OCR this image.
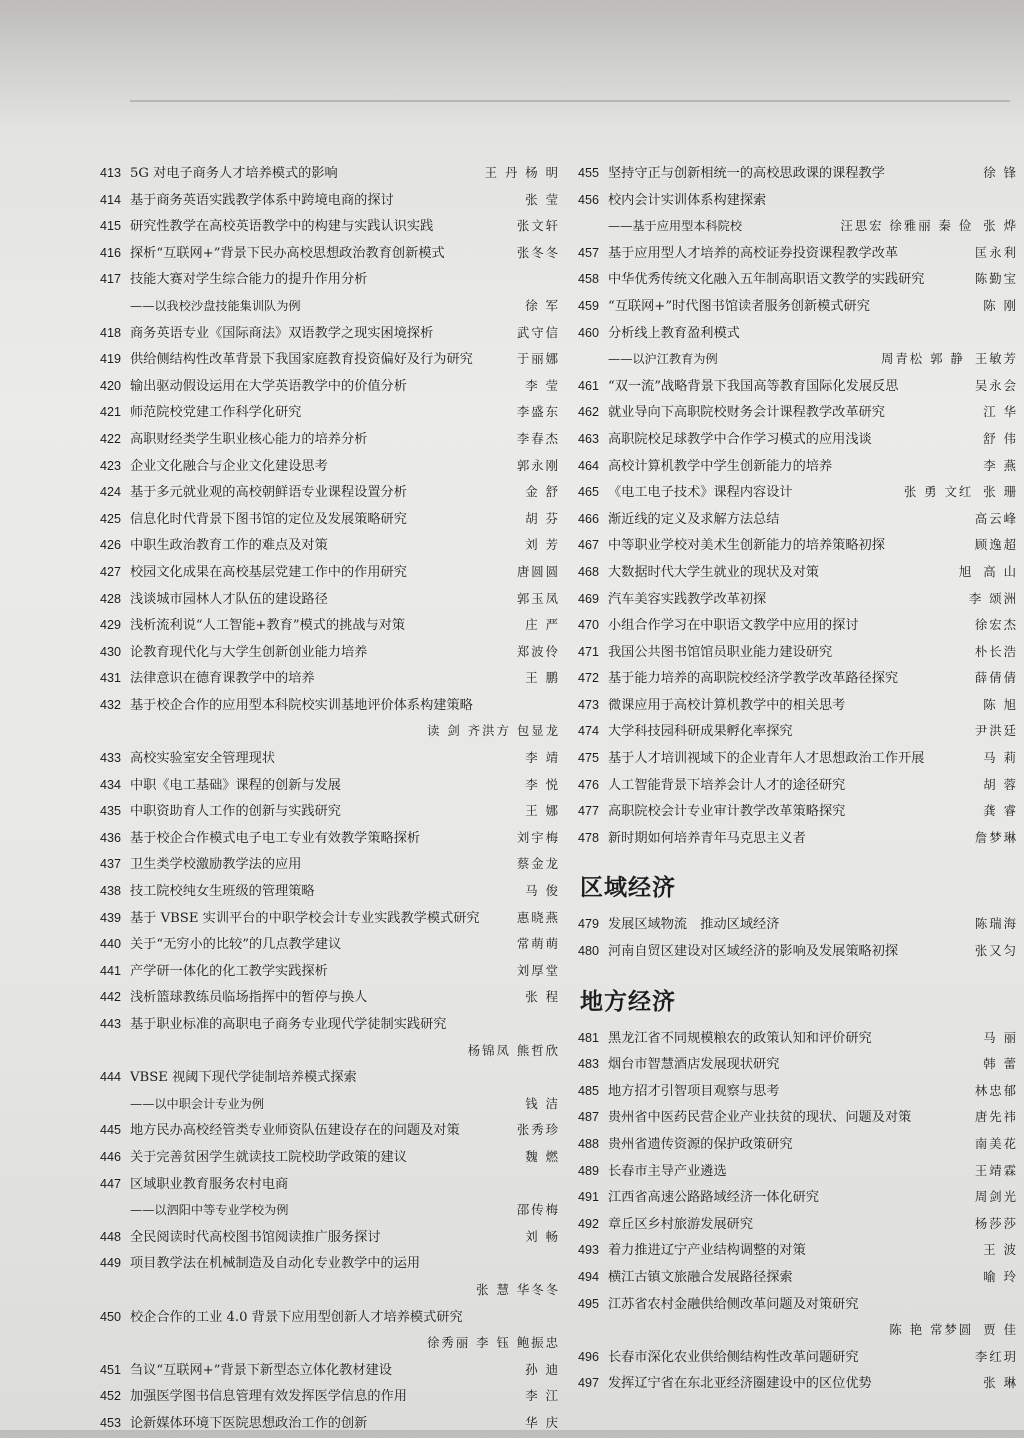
413 5G 对电子商务人才培养模式的影响	王 丹 杨 明
414 基于商务英语实践教学体系中跨境电商的探讨	张 莹
415 研究性教学在高校英语教学中的构建与实践认识实践	张文轩
416 探析“互联网+”背景下民办高校思想政治教育创新模式	张冬冬
417 技能大赛对学生综合能力的提升作用分析
——以我校沙盘技能集训队为例	徐 军
418 商务英语专业《国际商法》双语教学之现实困境探析	武守信
419 供给侧结构性改革背景下我国家庭教育投资偏好及行为研究	于丽娜
420 输出驱动假设运用在大学英语教学中的价值分析	李 莹
421 师范院校党建工作科学化研究	李盛东
422 高职财经类学生职业核心能力的培养分析	李春杰
423 企业文化融合与企业文化建设思考	郭永刚
424 基于多元就业观的高校朝鲜语专业课程设置分析	金 舒
425 信息化时代背景下图书馆的定位及发展策略研究	胡 芬
426 中职生政治教育工作的难点及对策	刘 芳
427 校园文化成果在高校基层党建工作中的作用研究	唐圆圆
428 浅谈城市园林人才队伍的建设路径	郭玉凤
429 浅析流利说“人工智能+教育”模式的挑战与对策	庄 严
430 论教育现代化与大学生创新创业能力培养	郑波伶
431 法律意识在德育课教学中的培养	王 鹏
432 基于校企合作的应用型本科院校实训基地评价体系构建策略
读 剑 齐洪方 包显龙
433 高校实验室安全管理现状	李 靖
434 中职《电工基础》课程的创新与发展	李 悦
435 中职资助育人工作的创新与实践研究	王 娜
436 基于校企合作模式电子电工专业有效教学策略探析	刘宇梅
437 卫生类学校激励教学法的应用	蔡金龙
438 技工院校纯女生班级的管理策略	马 俊
439 基于 VBSE 实训平台的中职学校会计专业实践教学模式研究	惠晓燕
440 关于“无穷小的比较”的几点教学建议	常萌萌
441 产学研一体化的化工教学实践探析	刘厚堂
442 浅析篮球教练员临场指挥中的暂停与换人	张 程
443 基于职业标准的高职电子商务专业现代学徒制实践研究
杨锦凤 熊哲欣
444 VBSE 视阈下现代学徒制培养模式探索
——以中职会计专业为例	钱 洁
445 地方民办高校经管类专业师资队伍建设存在的问题及对策	张秀珍
446 关于完善贫困学生就读技工院校助学政策的建议	魏 燃
447 区域职业教育服务农村电商
——以泗阳中等专业学校为例	邵传梅
448 全民阅读时代高校图书馆阅读推广服务探讨	刘 畅
449 项目教学法在机械制造及自动化专业教学中的运用
张 慧 华冬冬
450 校企合作的工业 4.0 背景下应用型创新人才培养模式研究
徐秀丽 李 钰 鲍振忠
451 刍议“互联网+”背景下新型态立体化教材建设	孙 迪
452 加强医学图书信息管理有效发挥医学信息的作用	李 江
453 论新媒体环境下医院思想政治工作的创新	华 庆
455 坚持守正与创新相统一的高校思政课的课程教学	徐 锋
456 校内会计实训体系构建探索
——基于应用型本科院校	汪思宏 徐雅丽 秦 俭 张 烨
457 基于应用型人才培养的高校证券投资课程教学改革	匡永利
458 中华优秀传统文化融入五年制高职语文教学的实践研究	陈勤宝
459 “互联网+”时代图书馆读者服务创新模式研究	陈 刚
460 分析线上教育盈利模式
——以沪江教育为例	周青松 郭 静 王敏芳
461 “双一流”战略背景下我国高等教育国际化发展反思	吴永会
462 就业导向下高职院校财务会计课程教学改革研究	江 华
463 高职院校足球教学中合作学习模式的应用浅谈	舒 伟
464 高校计算机教学中学生创新能力的培养	李 燕
465 《电工电子技术》课程内容设计	张 勇 文红 张 珊
466 渐近线的定义及求解方法总结	高云峰
467 中等职业学校对美术生创新能力的培养策略初探	顾逸超
468 大数据时代大学生就业的现状及对策	旭 高 山
469 汽车美容实践教学改革初探	李 颂洲
470 小组合作学习在中职语文教学中应用的探讨	徐宏杰
471 我国公共图书馆馆员职业能力建设研究	朴长浩
472 基于能力培养的高职院校经济学教学改革路径探究	薛倩倩
473 微课应用于高校计算机教学中的相关思考	陈 旭
474 大学科技园科研成果孵化率探究	尹洪廷
475 基于人才培训视域下的企业青年人才思想政治工作开展	马 莉
476 人工智能背景下培养会计人才的途径研究	胡 蓉
477 高职院校会计专业审计教学改革策略探究	龚 睿
478 新时期如何培养青年马克思主义者	詹梦琳
区域经济
479 发展区域物流　推动区域经济	陈瑞海
480 河南自贸区建设对区域经济的影响及发展策略初探	张又匀
地方经济
481 黑龙江省不同规模粮农的政策认知和评价研究	马 丽
483 烟台市智慧酒店发展现状研究	韩 蕾
485 地方招才引智项目观察与思考	林忠郁
487 贵州省中医药民营企业产业扶贫的现状、问题及对策	唐先祎
488 贵州省遗传资源的保护政策研究	南美花
489 长春市主导产业遴选	王靖霖
491 江西省高速公路路域经济一体化研究	周剑光
492 章丘区乡村旅游发展研究	杨莎莎
493 着力推进辽宁产业结构调整的对策	王 波
494 横江古镇文旅融合发展路径探索	喻 玲
495 江苏省农村金融供给侧改革问题及对策研究
陈 艳 常梦圆 贾 佳
496 长春市深化农业供给侧结构性改革问题研究	李红玥
497 发挥辽宁省在东北亚经济圈建设中的区位优势	张 琳
